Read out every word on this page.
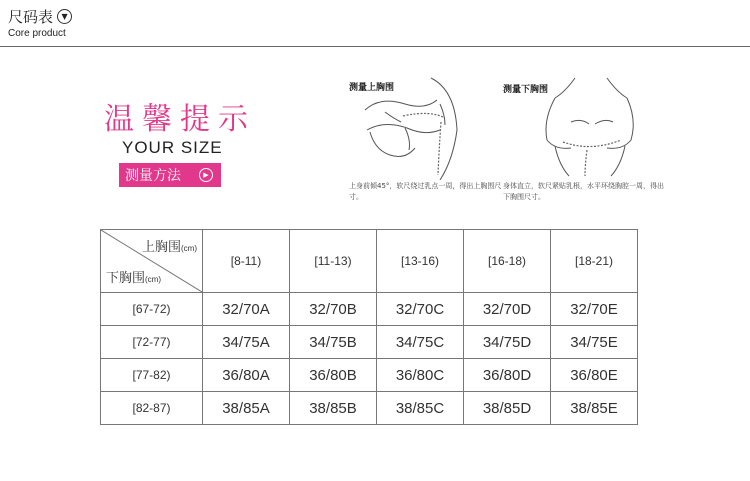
尺码表	▼
Core product
温馨提示
YOUR SIZE
测量方法	▶
测量上胸围
上身前倾45°，软尺绕过乳点一周，得出上胸围尺寸。
测量下胸围
身体直立，软尺紧贴乳根，水平环绕胸腔一周，得出下胸围尺寸。
上胸围(cm)
下胸围(cm)	[8-11)	[11-13)	[13-16)	[16-18)	[18-21)
[67-72)	32/70A	32/70B	32/70C	32/70D	32/70E
[72-77)	34/75A	34/75B	34/75C	34/75D	34/75E
[77-82)	36/80A	36/80B	36/80C	36/80D	36/80E
[82-87)	38/85A	38/85B	38/85C	38/85D	38/85E
